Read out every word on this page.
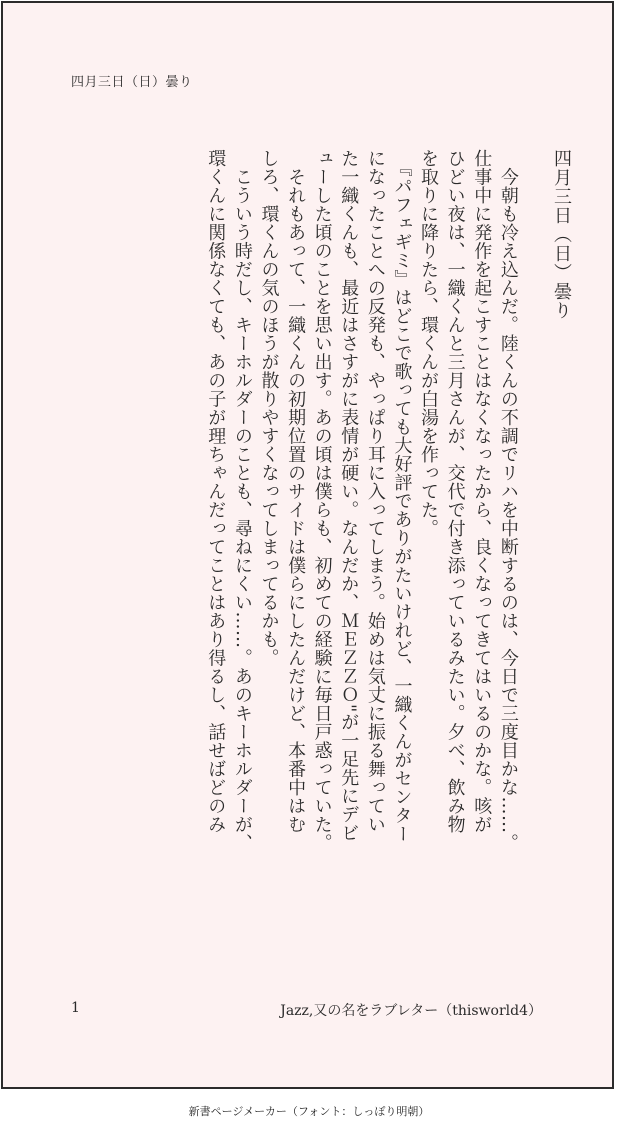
四月三日（日）曇り

四月三日（日）曇り

　今朝も冷え込んだ。陸くんの不調でリハを中断するのは、今日で三度目かな……。

仕事中に発作を起こすことはなくなったから、良くなってきてはいるのかな。咳が

ひどい夜は、一織くんと三月さんが、交代で付き添っているみたい。夕べ、飲み物

を取りに降りたら、環くんが白湯を作ってた。

　『パフェギミ』はどこで歌っても大好評でありがたいけれど、一織くんがセンター

になったことへの反発も、やっぱり耳に入ってしまう。始めは気丈に振る舞ってい

た一織くんも、最近はさすがに表情が硬い。なんだか、ＭＥＺＺＯ"が一足先にデビ

ューした頃のことを思い出す。あの頃は僕らも、初めての経験に毎日戸惑っていた。

　それもあって、一織くんの初期位置のサイドは僕らにしたんだけど、本番中はむ

しろ、環くんの気のほうが散りやすくなってしまってるかも。

　こういう時だし、キーホルダーのことも、尋ねにくい……。あのキーホルダーが、

環くんに関係なくても、あの子が理ちゃんだってことはあり得るし、話せばどのみ

1	Jazz,又の名をラブレター（thisworld4）
新書ページメーカー（フォント：しっぽり明朝）
